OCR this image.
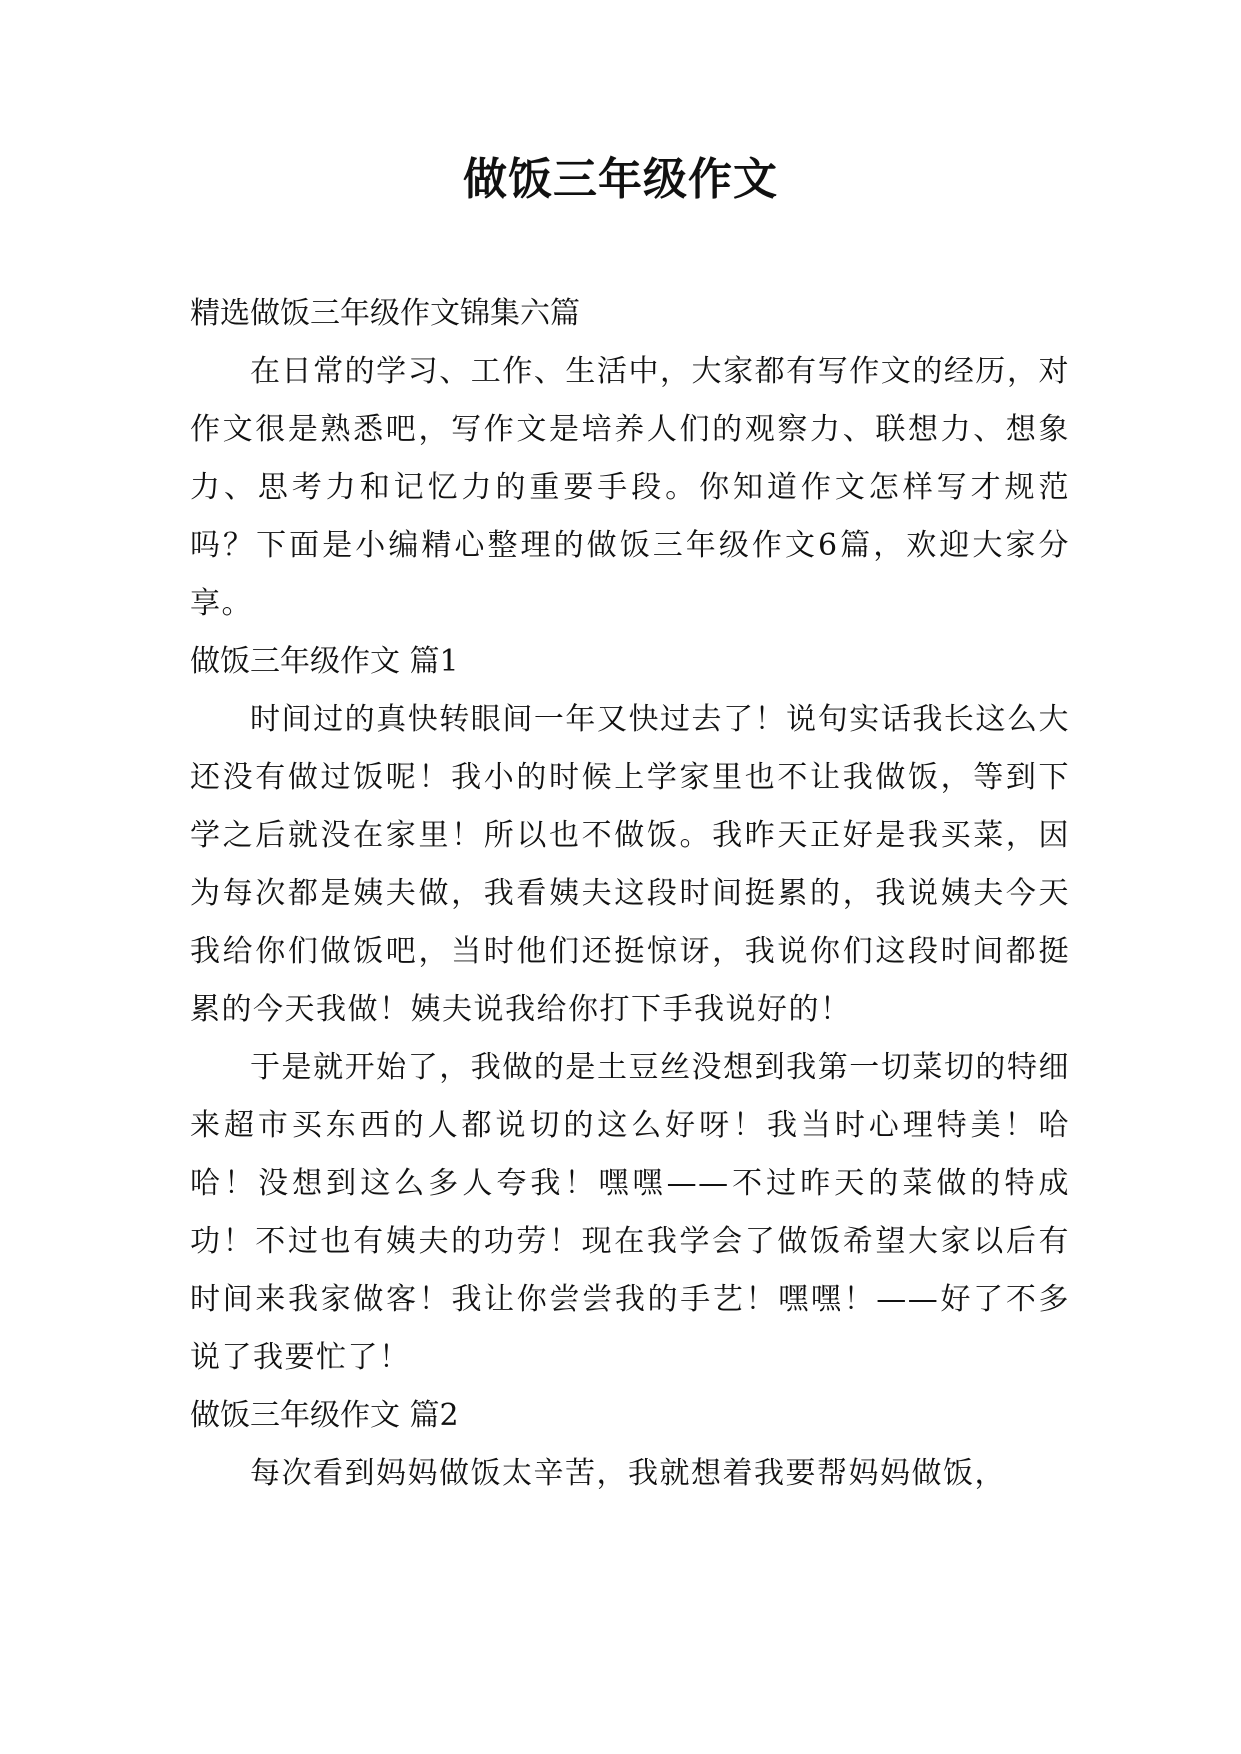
做饭三年级作文

精选做饭三年级作文锦集六篇

在日常的学习、工作、生活中，大家都有写作文的经历，对作文很是熟悉吧，写作文是培养人们的观察力、联想力、想象力、思考力和记忆力的重要手段。你知道作文怎样写才规范吗？下面是小编精心整理的做饭三年级作文6篇，欢迎大家分享。

做饭三年级作文 篇1

时间过的真快转眼间一年又快过去了！说句实话我长这么大还没有做过饭呢！我小的时候上学家里也不让我做饭，等到下学之后就没在家里！所以也不做饭。我昨天正好是我买菜，因为每次都是姨夫做，我看姨夫这段时间挺累的，我说姨夫今天我给你们做饭吧，当时他们还挺惊讶，我说你们这段时间都挺累的今天我做！姨夫说我给你打下手我说好的！

于是就开始了，我做的是土豆丝没想到我第一切菜切的特细来超市买东西的人都说切的这么好呀！我当时心理特美！哈哈！没想到这么多人夸我！嘿嘿——不过昨天的菜做的特成功！不过也有姨夫的功劳！现在我学会了做饭希望大家以后有时间来我家做客！我让你尝尝我的手艺！嘿嘿！——好了不多说了我要忙了！

做饭三年级作文 篇2

每次看到妈妈做饭太辛苦，我就想着我要帮妈妈做饭，
